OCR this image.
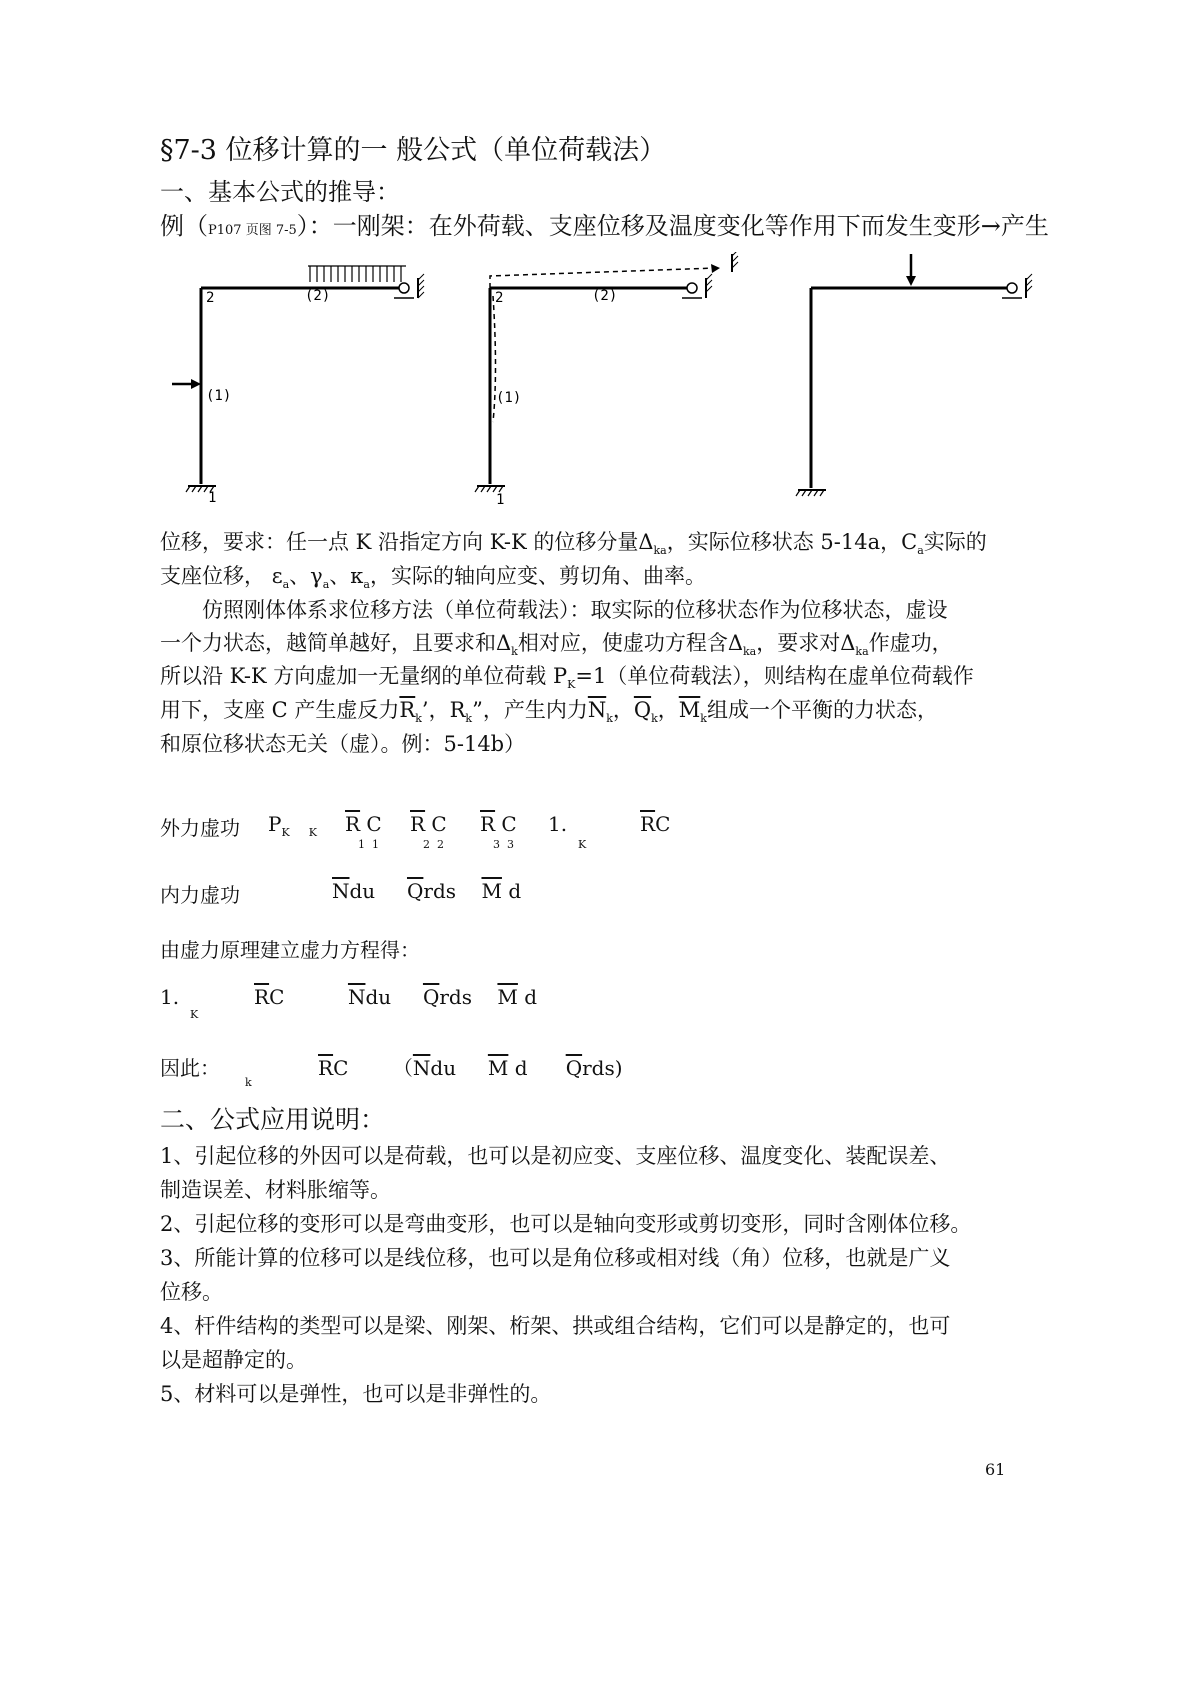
§7-3 位移计算的一 般公式（单位荷载法）
一、基本公式的推导：
例（P107 页图 7-5）：一刚架：在外荷载、支座位移及温度变化等作用下而发生变形→产生
2	(2)
(1)
1
2	(2)
(1)
1
位移，要求：任一点 K 沿指定方向 K-K 的位移分量$\Delta_{ka}$，实际位移状态 5-14a，$C_a$实际的
支座位移， $\varepsilon_a$、$\gamma_a$、$\kappa_a$，实际的轴向应变、剪切角、曲率。
仿照刚体体系求位移方法（单位荷载法）：取实际的位移状态作为位移状态，虚设
一个力状态，越简单越好，且要求和$\Delta_k$相对应，使虚功方程含$\Delta_{ka}$，要求对$\Delta_{ka}$作虚功，
所以沿 K-K 方向虚加一无量纲的单位荷载 $P_K=1$（单位荷载法），则结构在虚单位荷载作
用下，支座 C 产生虚反力$\overline{R}_k$’，$R_k$”，产生内力$\overline{N}_k$，$\overline{Q}_k$，$\overline{M}_k$组成一个平衡的力状态，
和原位移状态无关（虚）。例：5-14b）
外力虚功 $P_K$ $_K$ $\overline{R}$ C
1 1
$\overline{R}$ C
2 2
$\overline{R}$ C
3 3
1.
K
$\overline{R}C$
内力虚功	$\overline{N}du$ $\overline{Q}rds$ $\overline{M}$ d
由虚力原理建立虚力方程得：
1.
K
$\overline{R}C$	$\overline{N}du$ $\overline{Q}rds$ $\overline{M}$ d
因此：
k
$\overline{R}C$ （$\overline{N}du$ $\overline{M}$ d $\overline{Q}rds$)
二、公式应用说明：
1、引起位移的外因可以是荷载，也可以是初应变、支座位移、温度变化、装配误差、
制造误差、材料胀缩等。
2、引起位移的变形可以是弯曲变形，也可以是轴向变形或剪切变形，同时含刚体位移。
3、所能计算的位移可以是线位移，也可以是角位移或相对线（角）位移，也就是广义
位移。
4、杆件结构的类型可以是梁、刚架、桁架、拱或组合结构，它们可以是静定的，也可
以是超静定的。
5、材料可以是弹性，也可以是非弹性的。
61
